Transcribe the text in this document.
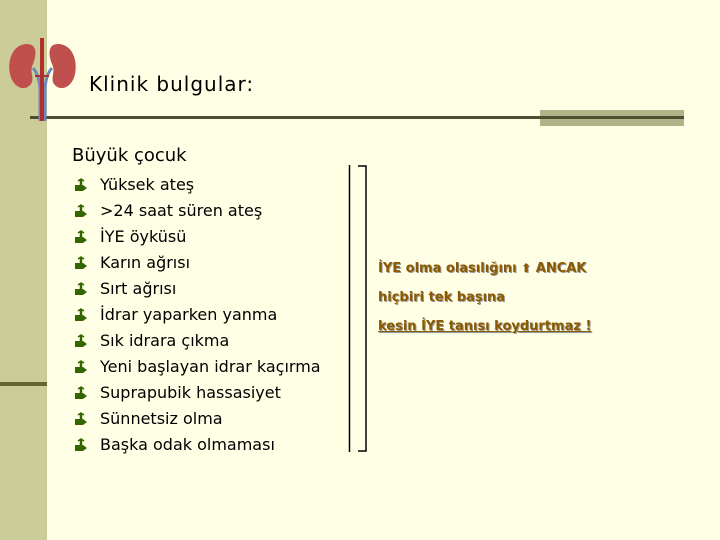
Klinik bulgular:
Büyük çocuk
Yüksek ateş
>24 saat süren ateş
İYE öyküsü
Karın ağrısı
Sırt ağrısı
İdrar yaparken yanma
Sık idrara çıkma
Yeni başlayan idrar kaçırma
Suprapubik hassasiyet
Sünnetsiz olma
Başka odak olmaması
İYE olma olasılığını ⬆ ANCAK
hiçbiri tek başına
kesin İYE tanısı koydurtmaz !
